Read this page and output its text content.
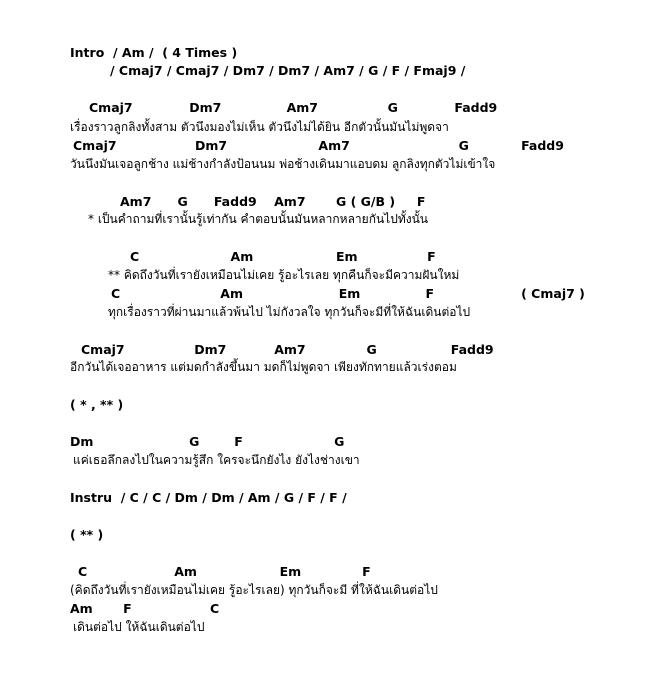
Intro  / Am /  ( 4 Times )
/ Cmaj7 / Cmaj7 / Dm7 / Dm7 / Am7 / G / F / Fmaj9 /
Cmaj7             Dm7               Am7                G             Fadd9
เรื่องราวลูกลิงทั้งสาม ตัวนึงมองไม่เห็น ตัวนึงไม่ได้ยิน อีกตัวนั้นมันไม่พูดจา
Cmaj7                  Dm7                     Am7                         G            Fadd9
วันนึงมันเจอลูกช้าง แม่ช้างกำลังป้อนนม พ่อช้างเดินมาแอบดม ลูกลิงทุกตัวไม่เข้าใจ
Am7      G      Fadd9    Am7       G ( G/B )     F
* เป็นคำถามที่เรานั้นรู้เท่ากัน คำตอบนั้นมันหลากหลายกันไปทั้งนั้น
C                     Am                   Em                F
** คิดถึงวันที่เรายังเหมือนไม่เคย รู้อะไรเลย ทุกคืนก็จะมีความฝันใหม่
C                       Am                      Em               F                    ( Cmaj7 )
ทุกเรื่องราวที่ผ่านมาแล้วพ้นไป ไม่กังวลใจ ทุกวันก็จะมีที่ให้ฉันเดินต่อไป
Cmaj7                Dm7           Am7              G                 Fadd9
อีกวันได้เจออาหาร แต่มดกำลังขึ้นมา มดก็ไม่พูดจา เพียงทักทายแล้วเร่งตอม
( * , ** )
Dm                      G        F                     G
แค่เธอลึกลงไปในความรู้สึก ใครจะนึกยังไง ยังไงช่างเขา
Instru  / C / C / Dm / Dm / Am / G / F / F /
( ** )
C                    Am                   Em              F
(คิดถึงวันที่เรายังเหมือนไม่เคย รู้อะไรเลย) ทุกวันก็จะมี ที่ให้ฉันเดินต่อไป
Am       F                  C
เดินต่อไป ให้ฉันเดินต่อไป
